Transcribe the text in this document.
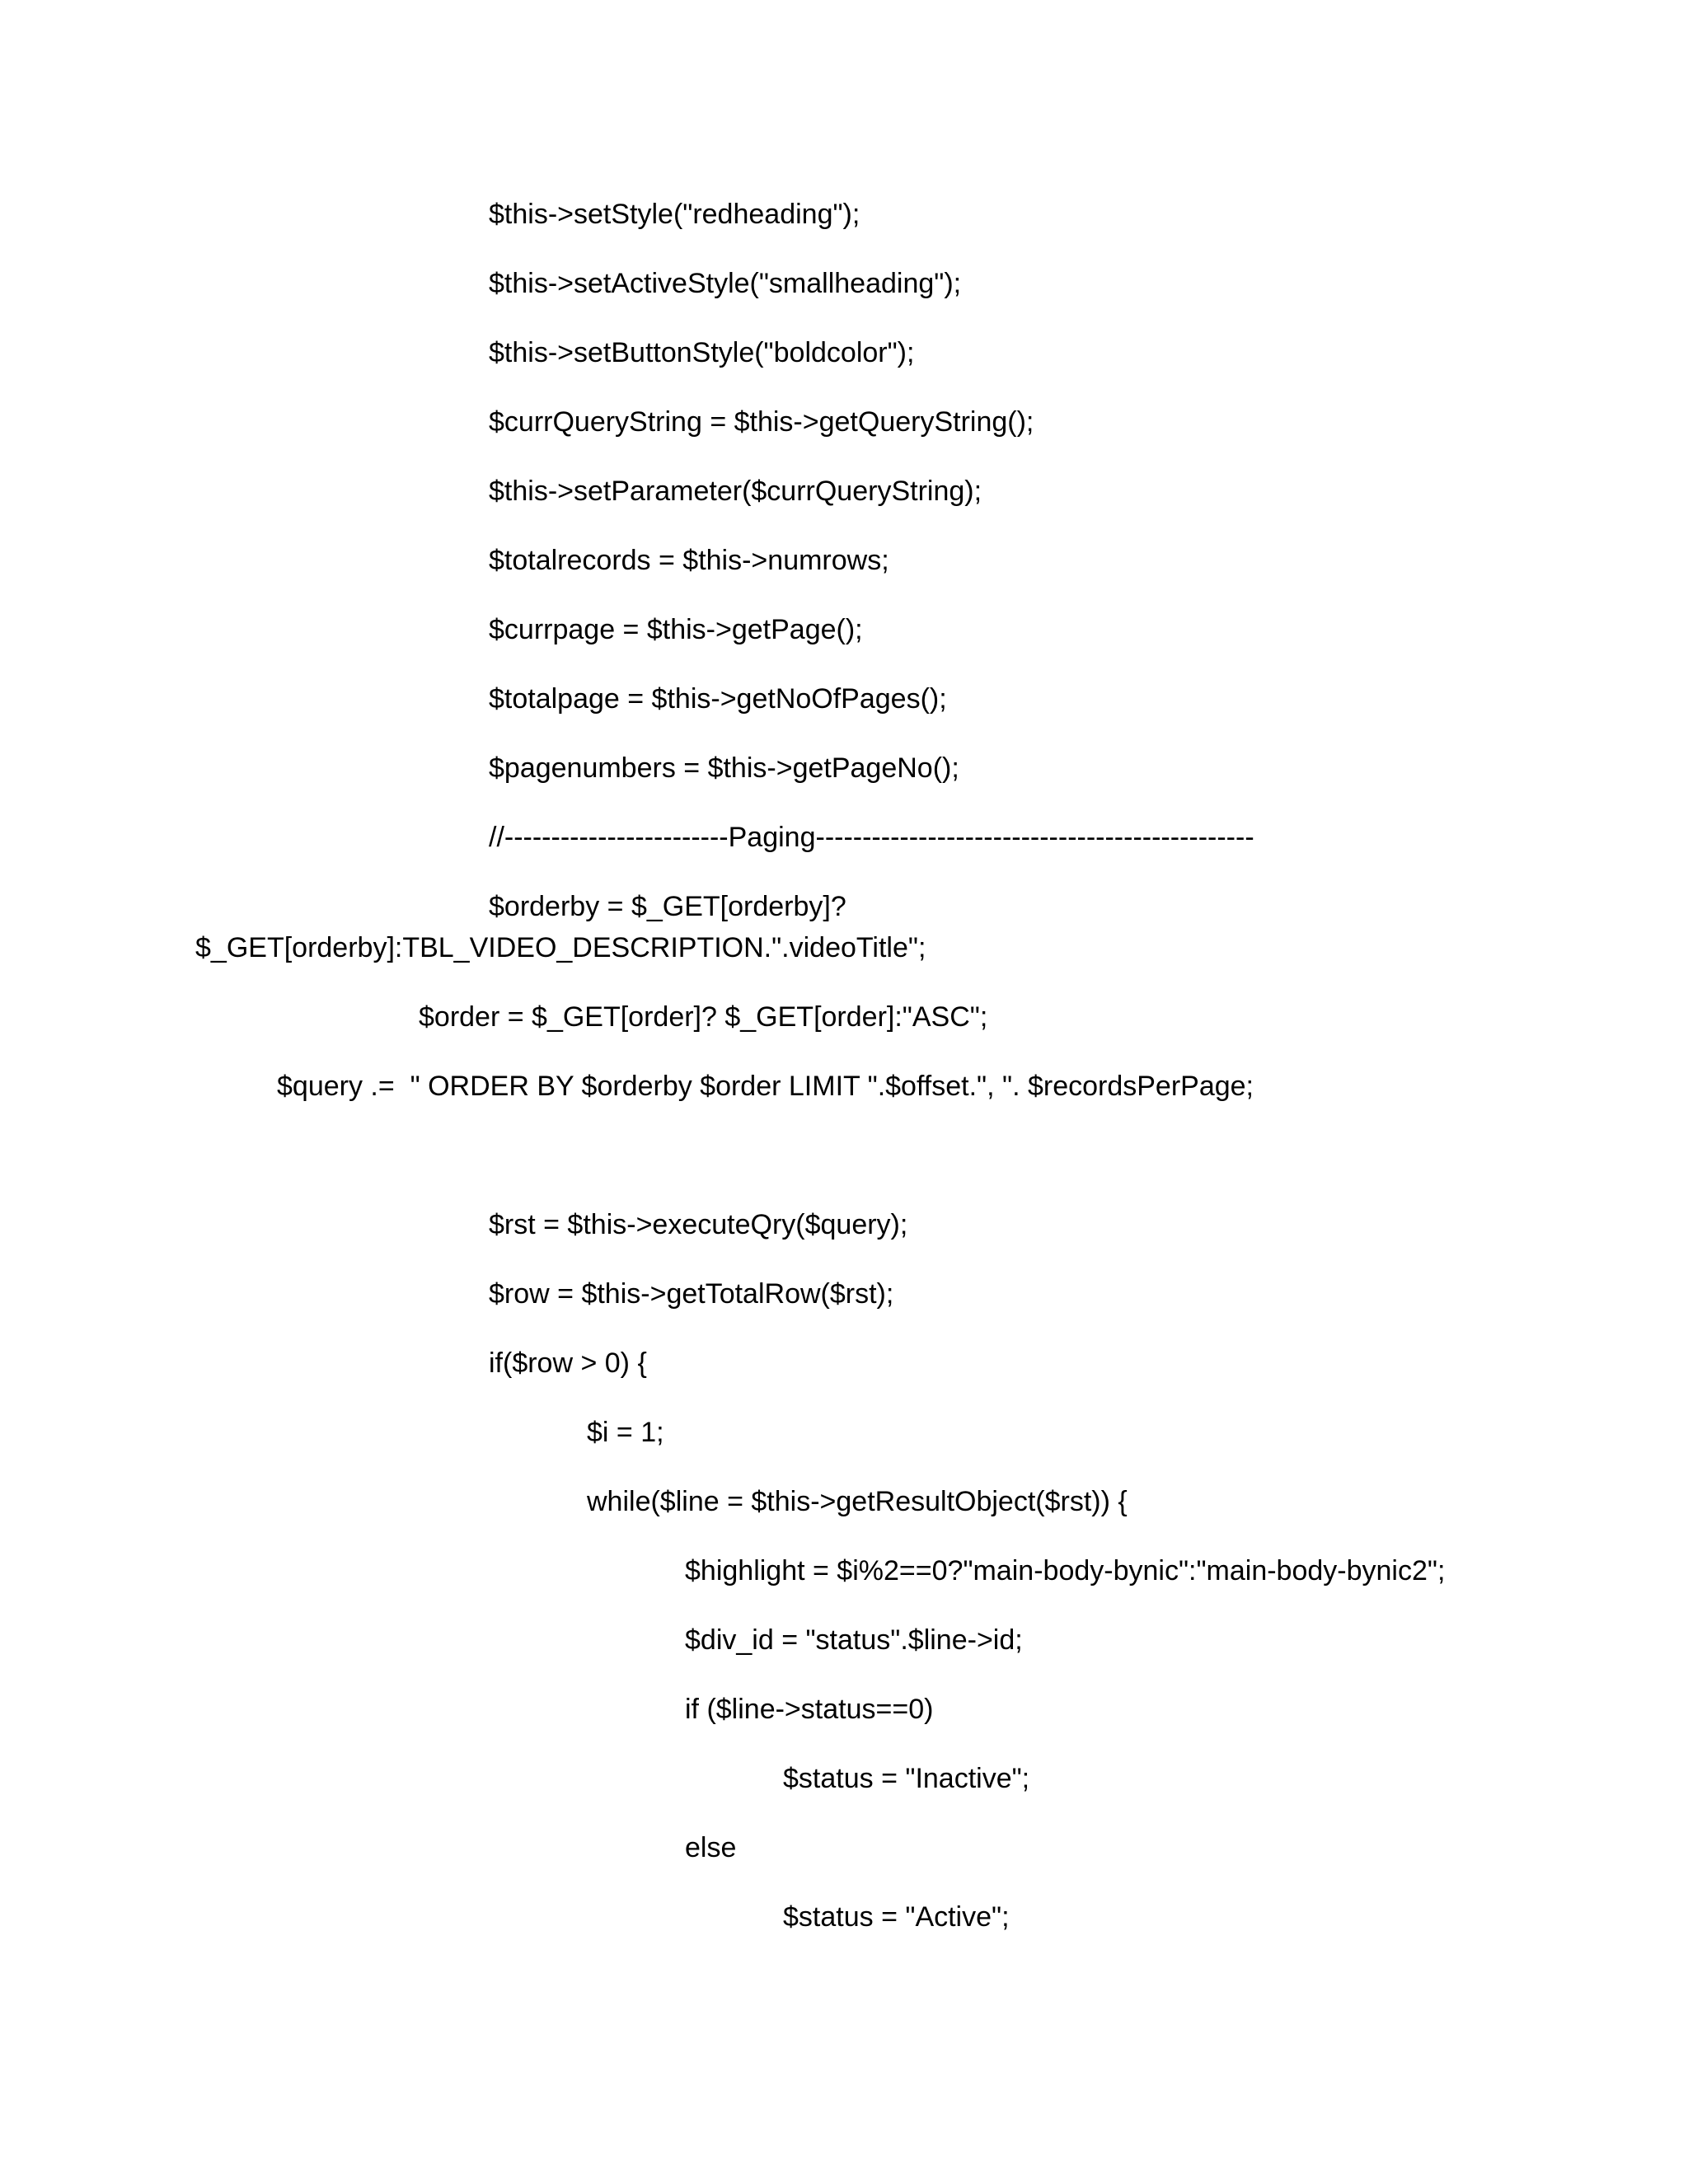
$this->setStyle("redheading");
$this->setActiveStyle("smallheading");
$this->setButtonStyle("boldcolor");
$currQueryString = $this->getQueryString();
$this->setParameter($currQueryString);
$totalrecords = $this->numrows;
$currpage = $this->getPage();
$totalpage = $this->getNoOfPages();
$pagenumbers = $this->getPageNo();
//------------------------Paging-----------------------------------------------
$orderby = $_GET[orderby]?
$_GET[orderby]:TBL_VIDEO_DESCRIPTION.".videoTitle";
$order = $_GET[order]? $_GET[order]:"ASC";
$query .=  " ORDER BY $orderby $order LIMIT ".$offset.", ". $recordsPerPage;
$rst = $this->executeQry($query);
$row = $this->getTotalRow($rst);
if($row > 0) {
$i = 1;
while($line = $this->getResultObject($rst)) {
$highlight = $i%2==0?"main-body-bynic":"main-body-bynic2";
$div_id = "status".$line->id;
if ($line->status==0)
$status = "Inactive";
else
$status = "Active";
